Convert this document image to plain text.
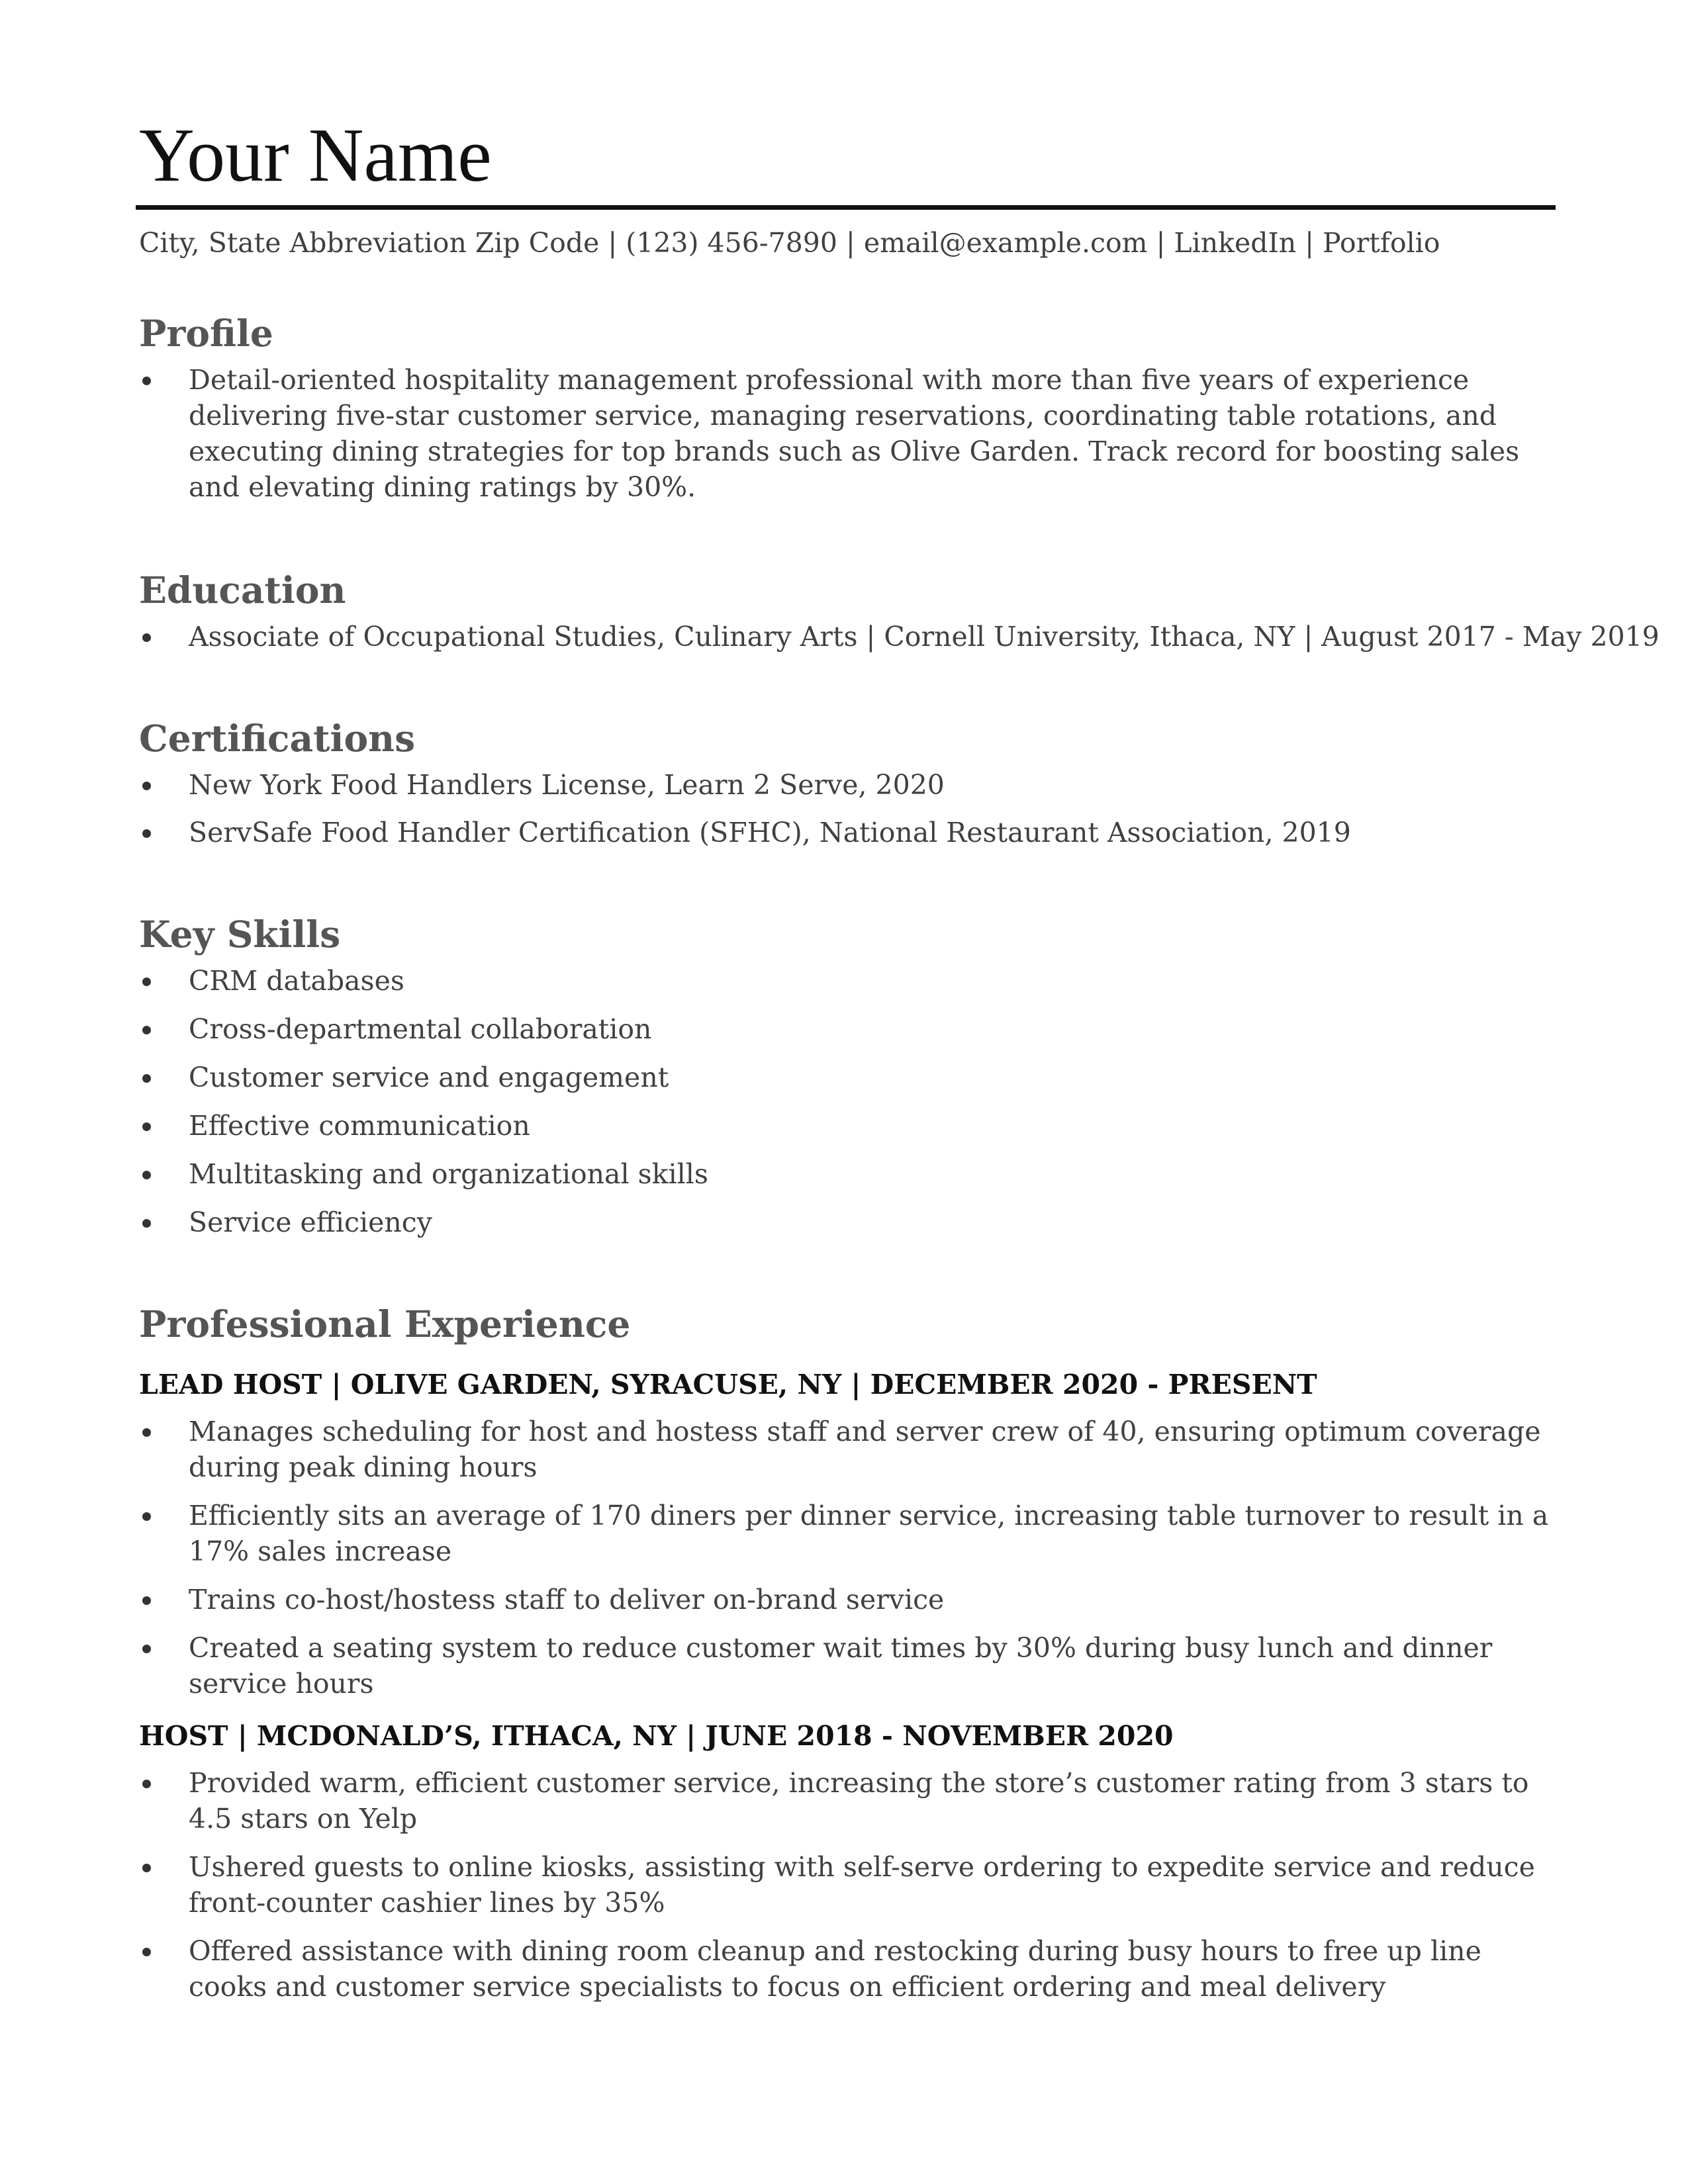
Your Name

City, State Abbreviation Zip Code | (123) 456-7890 | email@example.com | LinkedIn | Portfolio

Profile
Detail-oriented hospitality management professional with more than five years of experience delivering five-star customer service, managing reservations, coordinating table rotations, and executing dining strategies for top brands such as Olive Garden. Track record for boosting sales and elevating dining ratings by 30%.
Education
Associate of Occupational Studies, Culinary Arts | Cornell University, Ithaca, NY | August 2017 - May 2019
Certifications
New York Food Handlers License, Learn 2 Serve, 2020
ServSafe Food Handler Certification (SFHC), National Restaurant Association, 2019
Key Skills
CRM databases
Cross-departmental collaboration
Customer service and engagement
Effective communication
Multitasking and organizational skills
Service efficiency
Professional Experience
LEAD HOST | OLIVE GARDEN, SYRACUSE, NY | DECEMBER 2020 - PRESENT
Manages scheduling for host and hostess staff and server crew of 40, ensuring optimum coverage during peak dining hours
Efficiently sits an average of 170 diners per dinner service, increasing table turnover to result in a 17% sales increase
Trains co-host/hostess staff to deliver on-brand service
Created a seating system to reduce customer wait times by 30% during busy lunch and dinner service hours
HOST | MCDONALD’S, ITHACA, NY | JUNE 2018 - NOVEMBER 2020
Provided warm, efficient customer service, increasing the store’s customer rating from 3 stars to 4.5 stars on Yelp
Ushered guests to online kiosks, assisting with self-serve ordering to expedite service and reduce front-counter cashier lines by 35%
Offered assistance with dining room cleanup and restocking during busy hours to free up line cooks and customer service specialists to focus on efficient ordering and meal delivery
